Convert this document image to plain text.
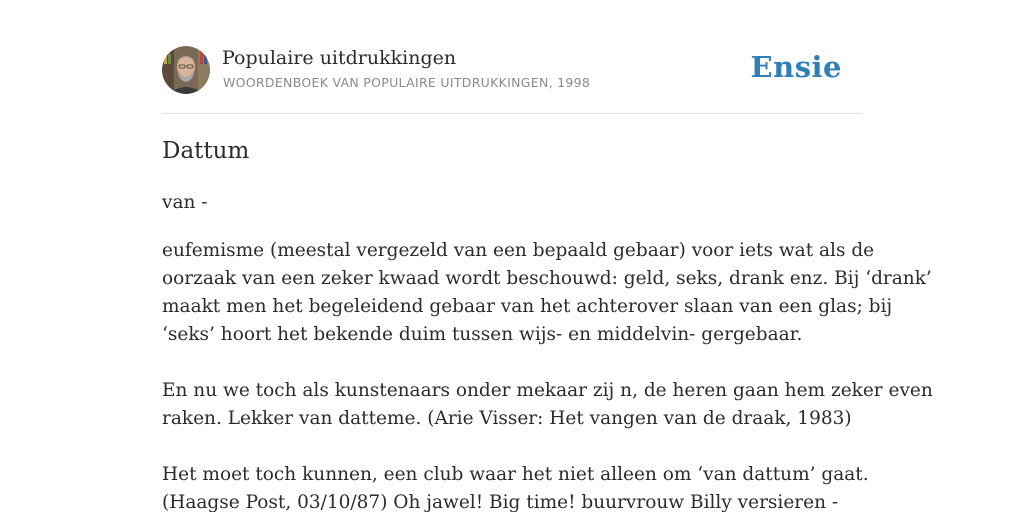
Populaire uitdrukkingen
WOORDENBOEK VAN POPULAIRE UITDRUKKINGEN, 1998	Ensie
Dattum
van -

eufemisme (meestal vergezeld van een bepaald gebaar) voor iets wat als de
oorzaak van een zeker kwaad wordt beschouwd: geld, seks, drank enz. Bij ‘drank’
maakt men het begeleidend gebaar van het achterover slaan van een glas; bij
‘seks’ hoort het bekende duim tussen wijs- en middelvin- gergebaar.

En nu we toch als kunstenaars onder mekaar zij n, de heren gaan hem zeker even
raken. Lekker van datteme. (Arie Visser: Het vangen van de draak, 1983)

Het moet toch kunnen, een club waar het niet alleen om ‘van dattum’ gaat.
(Haagse Post, 03/10/87) Oh jawel! Big time! buurvrouw Billy versieren -
